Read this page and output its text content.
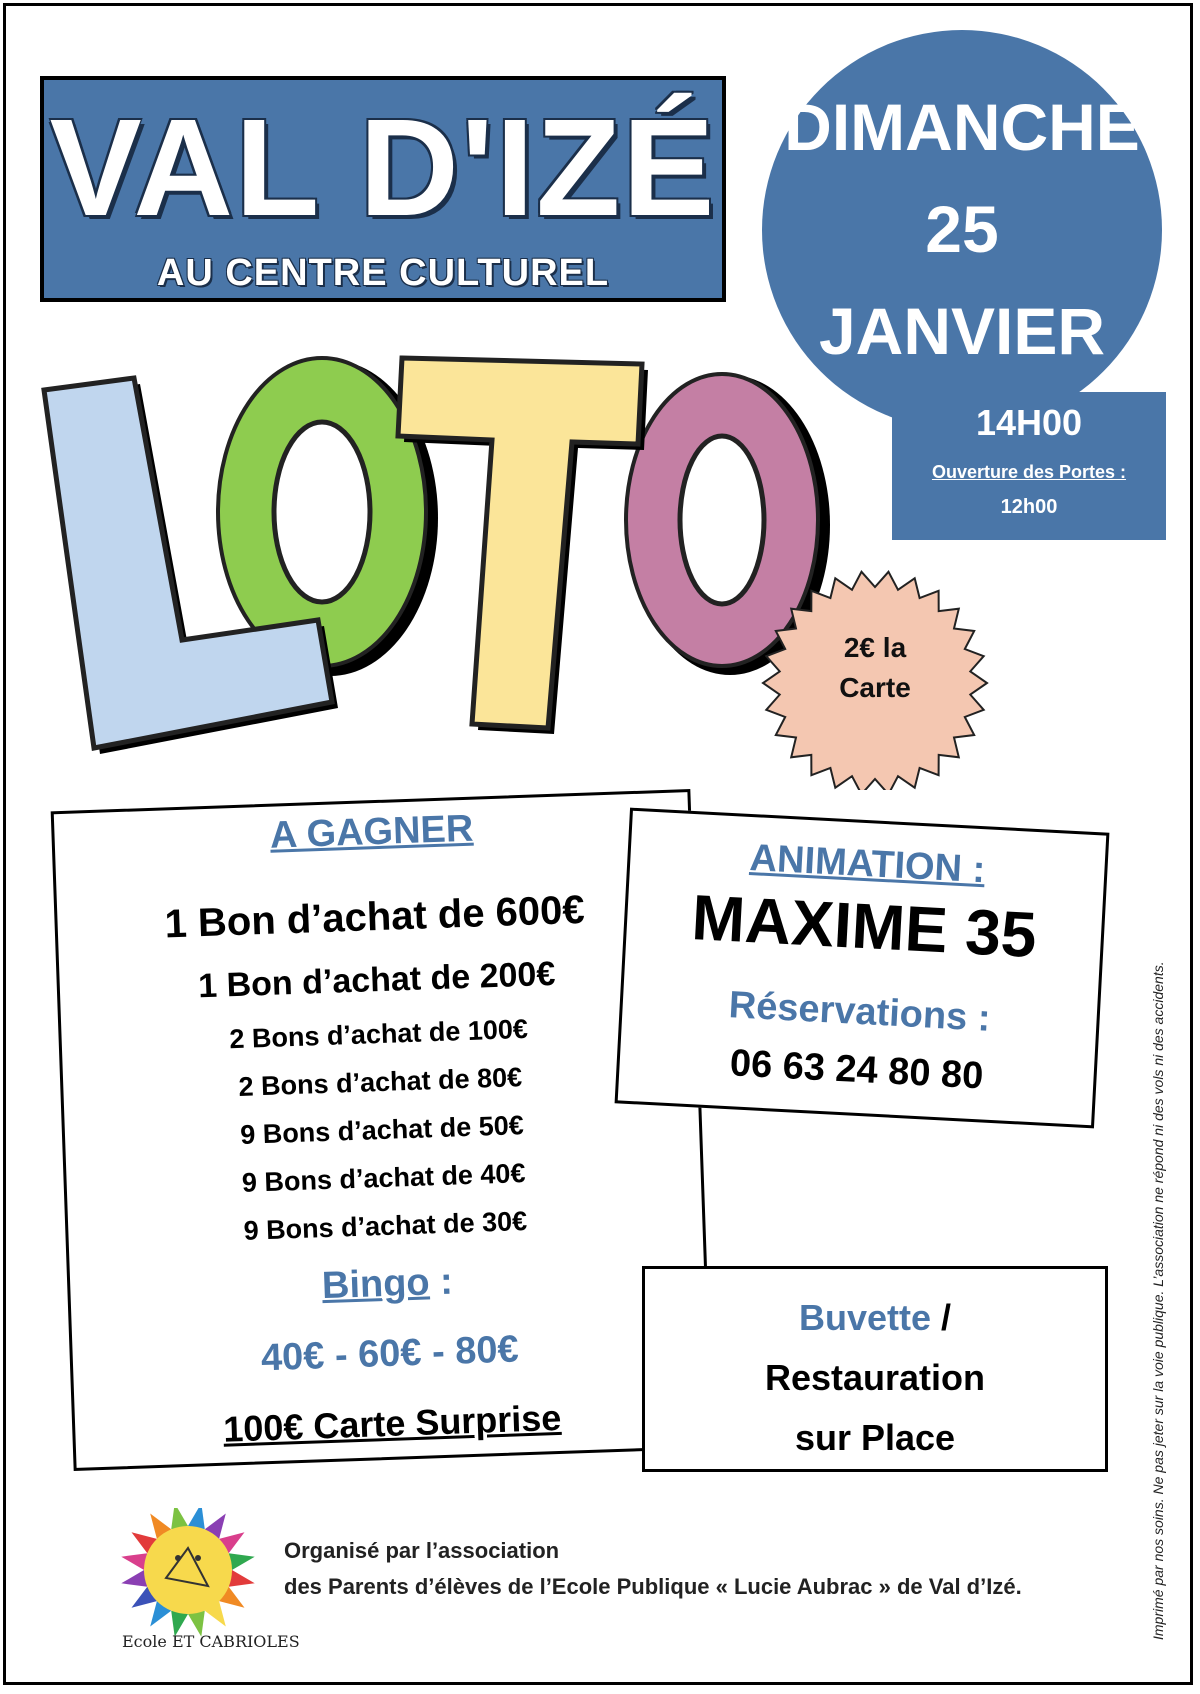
VAL D'IZÉ
AU CENTRE CULTUREL
DIMANCHE
25
JANVIER
14H00
Ouverture des Portes :
12h00
2€ la
Carte
A GAGNER
1 Bon d’achat de 600€
1 Bon d’achat de 200€
2 Bons d’achat de 100€
2 Bons d’achat de 80€
9 Bons d’achat de 50€
9 Bons d’achat de 40€
9 Bons d’achat de 30€
Bingo :
40€ - 60€ - 80€
100€ Carte Surprise
ANIMATION :
MAXIME 35
Réservations :
06 63 24 80 80
Buvette /
Restauration
sur Place
Ecole ET CABRIOLES
Organisé par l’association
des Parents d’élèves de l’Ecole Publique « Lucie Aubrac » de Val d’Izé.	Imprimé par nos soins. Ne pas jeter sur la voie publique. L’association ne répond ni des vols ni des accidents.
